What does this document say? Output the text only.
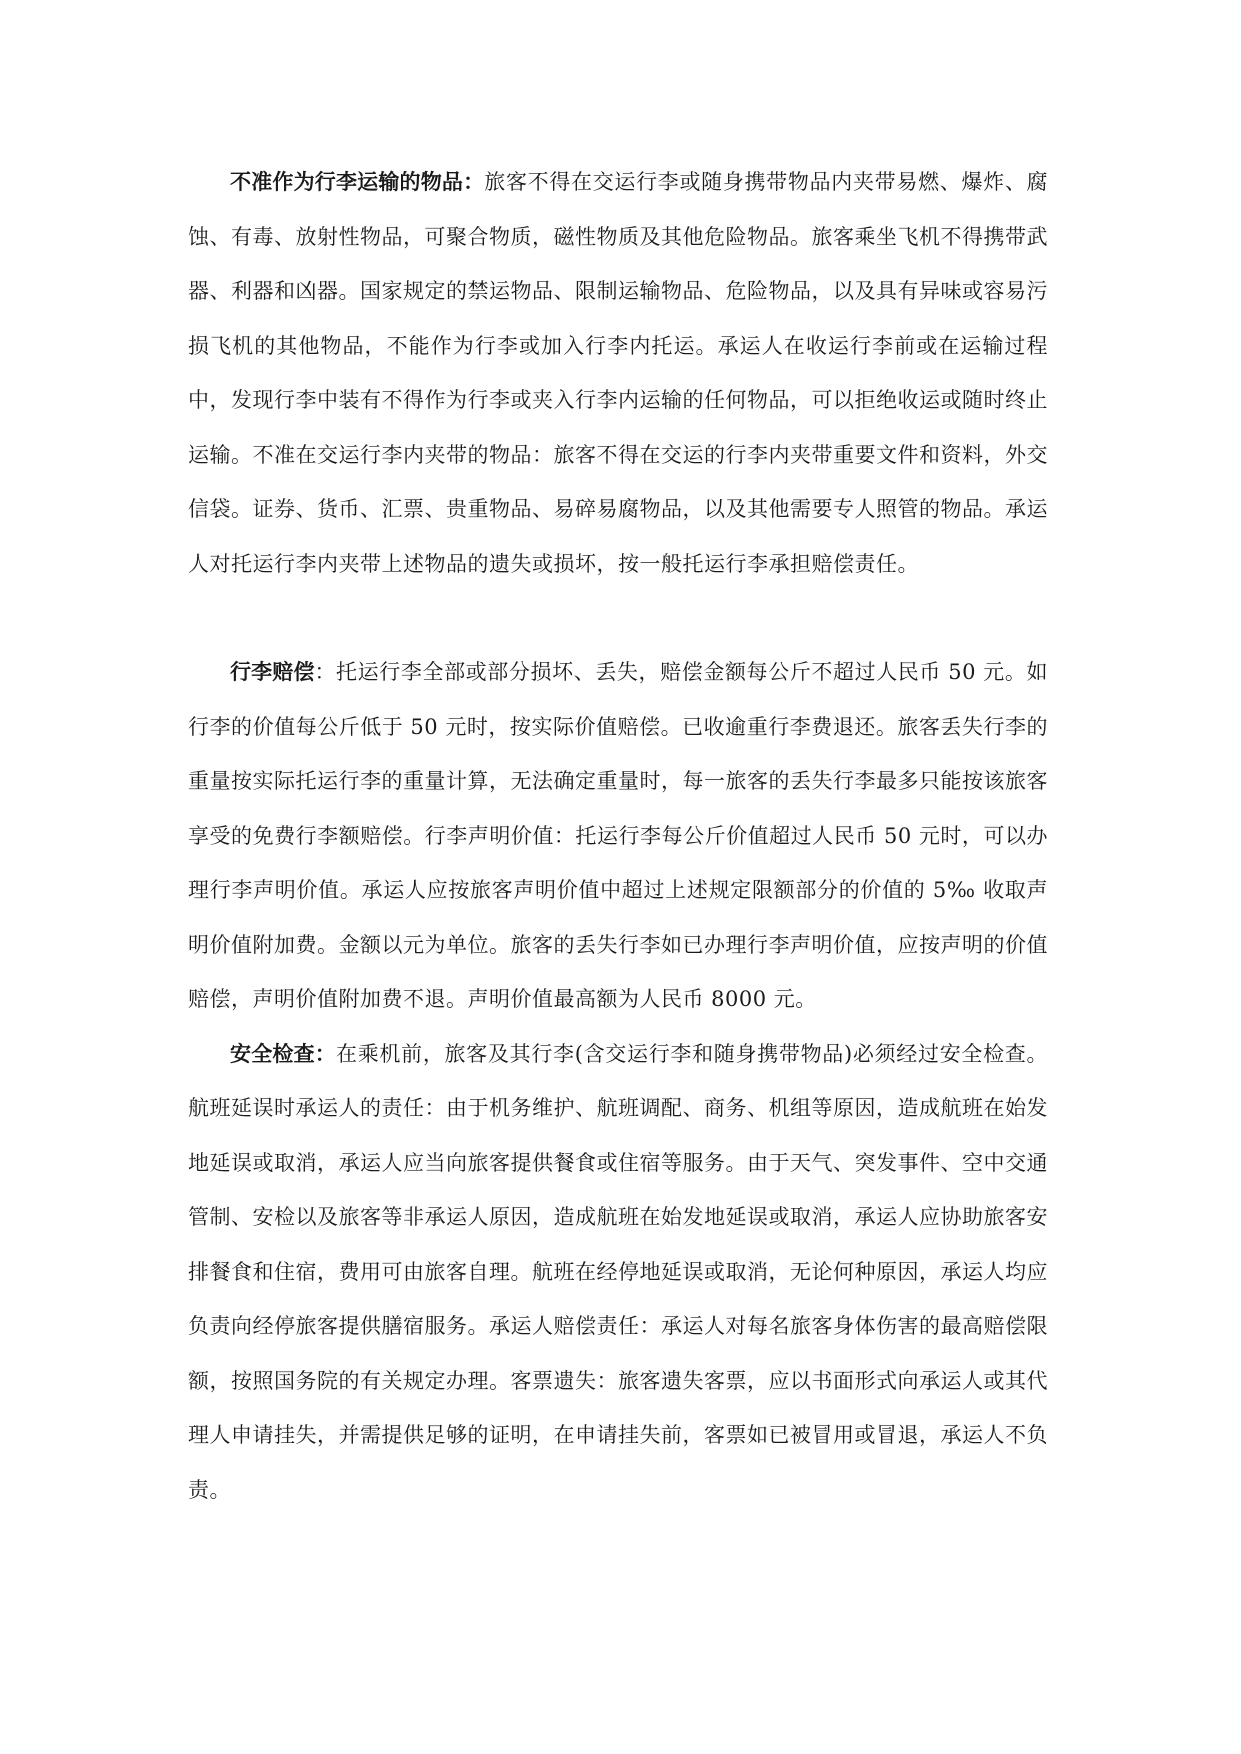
不准作为行李运输的物品：旅客不得在交运行李或随身携带物品内夹带易燃、爆炸、腐蚀、有毒、放射性物品，可聚合物质，磁性物质及其他危险物品。旅客乘坐飞机不得携带武器、利器和凶器。国家规定的禁运物品、限制运输物品、危险物品，以及具有异味或容易污损飞机的其他物品，不能作为行李或加入行李内托运。承运人在收运行李前或在运输过程中，发现行李中装有不得作为行李或夹入行李内运输的任何物品，可以拒绝收运或随时终止运输。不准在交运行李内夹带的物品：旅客不得在交运的行李内夹带重要文件和资料，外交信袋。证券、货币、汇票、贵重物品、易碎易腐物品，以及其他需要专人照管的物品。承运人对托运行李内夹带上述物品的遗失或损坏，按一般托运行李承担赔偿责任。

行李赔偿：托运行李全部或部分损坏、丢失，赔偿金额每公斤不超过人民币 50 元。如行李的价值每公斤低于 50 元时，按实际价值赔偿。已收逾重行李费退还。旅客丢失行李的重量按实际托运行李的重量计算，无法确定重量时，每一旅客的丢失行李最多只能按该旅客享受的免费行李额赔偿。行李声明价值：托运行李每公斤价值超过人民币 50 元时，可以办理行李声明价值。承运人应按旅客声明价值中超过上述规定限额部分的价值的 5‰ 收取声明价值附加费。金额以元为单位。旅客的丢失行李如已办理行李声明价值，应按声明的价值赔偿，声明价值附加费不退。声明价值最高额为人民币 8000 元。

安全检查：在乘机前，旅客及其行李(含交运行李和随身携带物品)必须经过安全检查。航班延误时承运人的责任：由于机务维护、航班调配、商务、机组等原因，造成航班在始发地延误或取消，承运人应当向旅客提供餐食或住宿等服务。由于天气、突发事件、空中交通管制、安检以及旅客等非承运人原因，造成航班在始发地延误或取消，承运人应协助旅客安排餐食和住宿，费用可由旅客自理。航班在经停地延误或取消，无论何种原因，承运人均应负责向经停旅客提供膳宿服务。承运人赔偿责任：承运人对每名旅客身体伤害的最高赔偿限额，按照国务院的有关规定办理。客票遗失：旅客遗失客票，应以书面形式向承运人或其代理人申请挂失，并需提供足够的证明，在申请挂失前，客票如已被冒用或冒退，承运人不负责。
